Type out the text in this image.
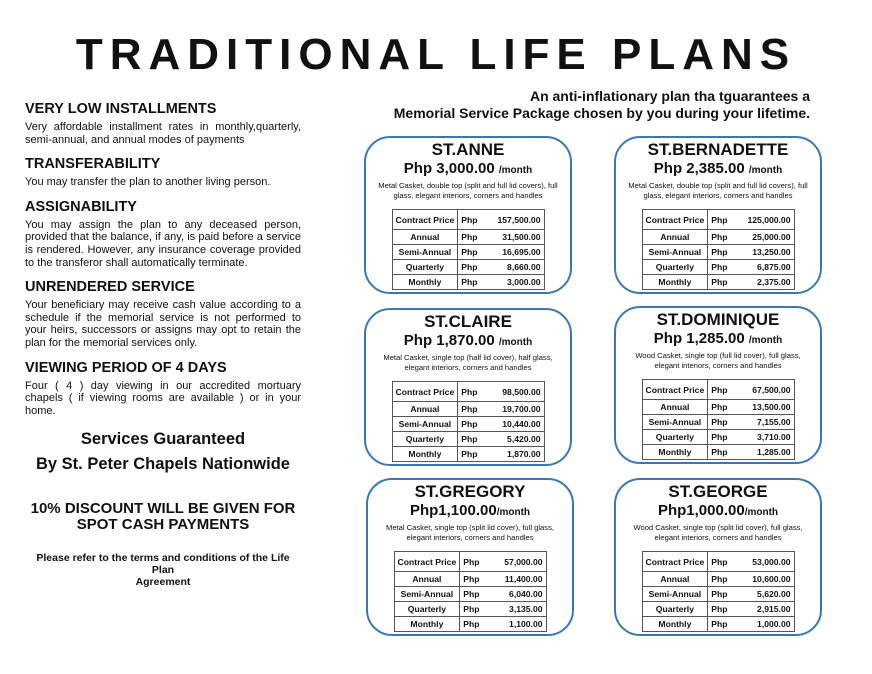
TRADITIONAL LIFE PLANS
An anti-inflationary plan tha tguarantees a
Memorial Service Package chosen by you during your lifetime.
VERY LOW INSTALLMENTS
Very affordable installment rates in monthly,quarterly, semi-annual, and annual modes of payments
TRANSFERABILITY
You may transfer the plan to another living person.
ASSIGNABILITY
You may assign the plan to any deceased person, provided that the balance, if any, is paid before a service is rendered. However, any insurance coverage provided to the transferor shall automatically terminate.
UNRENDERED SERVICE
Your beneficiary may receive cash value according to a schedule if the memorial service is not performed to your heirs, successors or assigns may opt to retain the plan for the memorial services only.
VIEWING PERIOD OF 4 DAYS
Four ( 4 ) day viewing in our accredited mortuary chapels ( if viewing rooms are available ) or in your home.
Services Guaranteed
By St. Peter Chapels Nationwide
10% DISCOUNT WILL BE GIVEN FOR
SPOT CASH PAYMENTS
Please refer to the terms and conditions of the Life Plan
Agreement
ST.ANNE
Php 3,000.00 /month
Metal Casket, double top (split and full lid covers), full glass, elegant interiors, corners and handles
Contract Price	Php	157,500.00
Annual	Php	31,500.00
Semi-Annual	Php	16,695.00
Quarterly	Php	8,660.00
Monthly	Php	3,000.00
ST.BERNADETTE
Php 2,385.00 /month
Metal Casket, double top (split and full lid covers), full glass, elegant interiors, corners and handles
Contract Price	Php	125,000.00
Annual	Php	25,000.00
Semi-Annual	Php	13,250.00
Quarterly	Php	6,875.00
Monthly	Php	2,375.00
ST.CLAIRE
Php 1,870.00 /month
Metal Casket, single top (half lid cover), half glass, elegant interiors, corners and handles
Contract Price	Php	98,500.00
Annual	Php	19,700.00
Semi-Annual	Php	10,440.00
Quarterly	Php	5,420.00
Monthly	Php	1,870.00
ST.DOMINIQUE
Php 1,285.00 /month
Wood Casket, single top (full lid cover), full glass, elegant interiors, corners and handles
Contract Price	Php	67,500.00
Annual	Php	13,500.00
Semi-Annual	Php	7,155.00
Quarterly	Php	3,710.00
Monthly	Php	1,285.00
ST.GREGORY
Php1,100.00/month
Metal Casket, single top (split lid cover), full glass, elegant interiors, corners and handles
Contract Price	Php	57,000.00
Annual	Php	11,400.00
Semi-Annual	Php	6,040.00
Quarterly	Php	3,135.00
Monthly	Php	1,100.00
ST.GEORGE
Php1,000.00/month
Wood Casket, single top (split lid cover), full glass, elegant interiors, corners and handles
Contract Price	Php	53,000.00
Annual	Php	10,600.00
Semi-Annual	Php	5,620.00
Quarterly	Php	2,915.00
Monthly	Php	1,000.00
